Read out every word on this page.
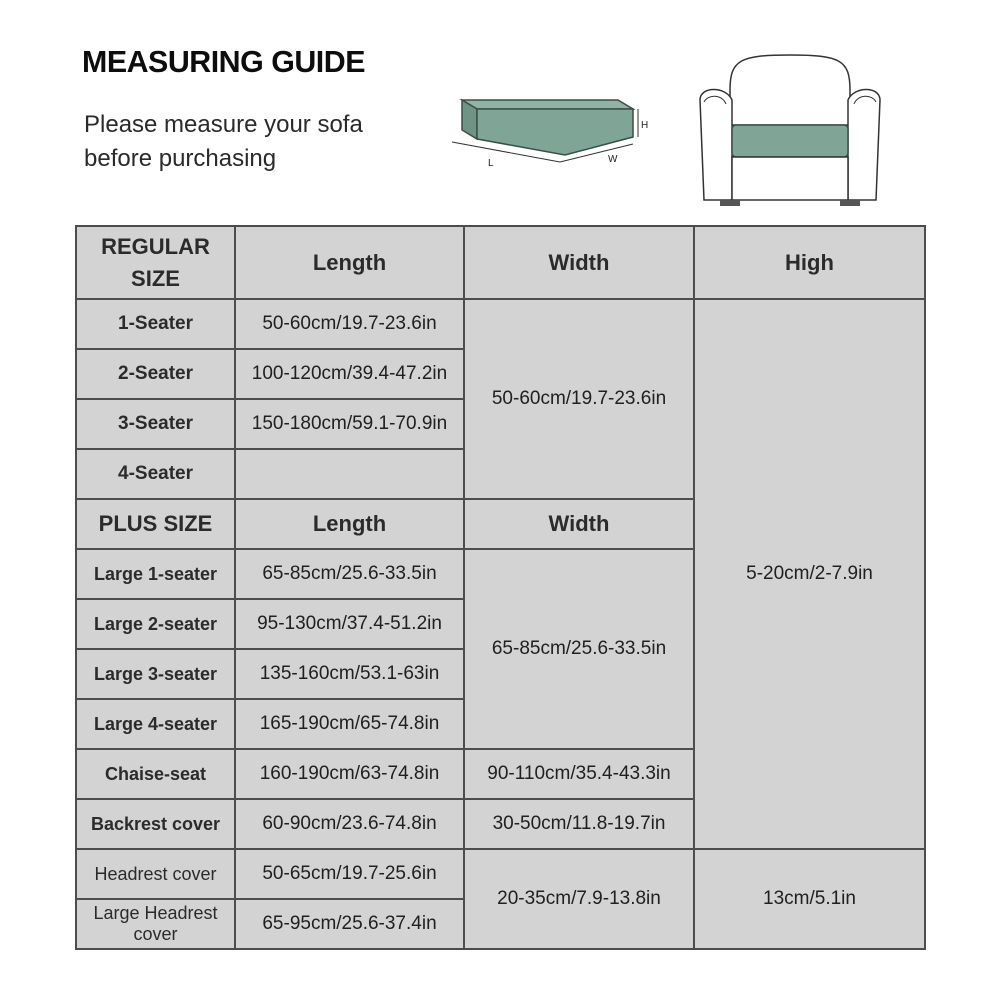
MEASURING GUIDE
Please measure your sofa
before purchasing
H
L	W
REGULAR SIZE	Length	Width	High
1-Seater	50-60cm/19.7-23.6in	50-60cm/19.7-23.6in	5-20cm/2-7.9in
2-Seater	100-120cm/39.4-47.2in		
3-Seater	150-180cm/59.1-70.9in		
4-Seater			
PLUS SIZE	Length	Width	
Large 1-seater	65-85cm/25.6-33.5in	65-85cm/25.6-33.5in	
Large 2-seater	95-130cm/37.4-51.2in		
Large 3-seater	135-160cm/53.1-63in		
Large 4-seater	165-190cm/65-74.8in		
Chaise-seat	160-190cm/63-74.8in	90-110cm/35.4-43.3in	
Backrest cover	60-90cm/23.6-74.8in	30-50cm/11.8-19.7in	
Headrest cover	50-65cm/19.7-25.6in	20-35cm/7.9-13.8in	13cm/5.1in
Large Headrest cover	65-95cm/25.6-37.4in		
